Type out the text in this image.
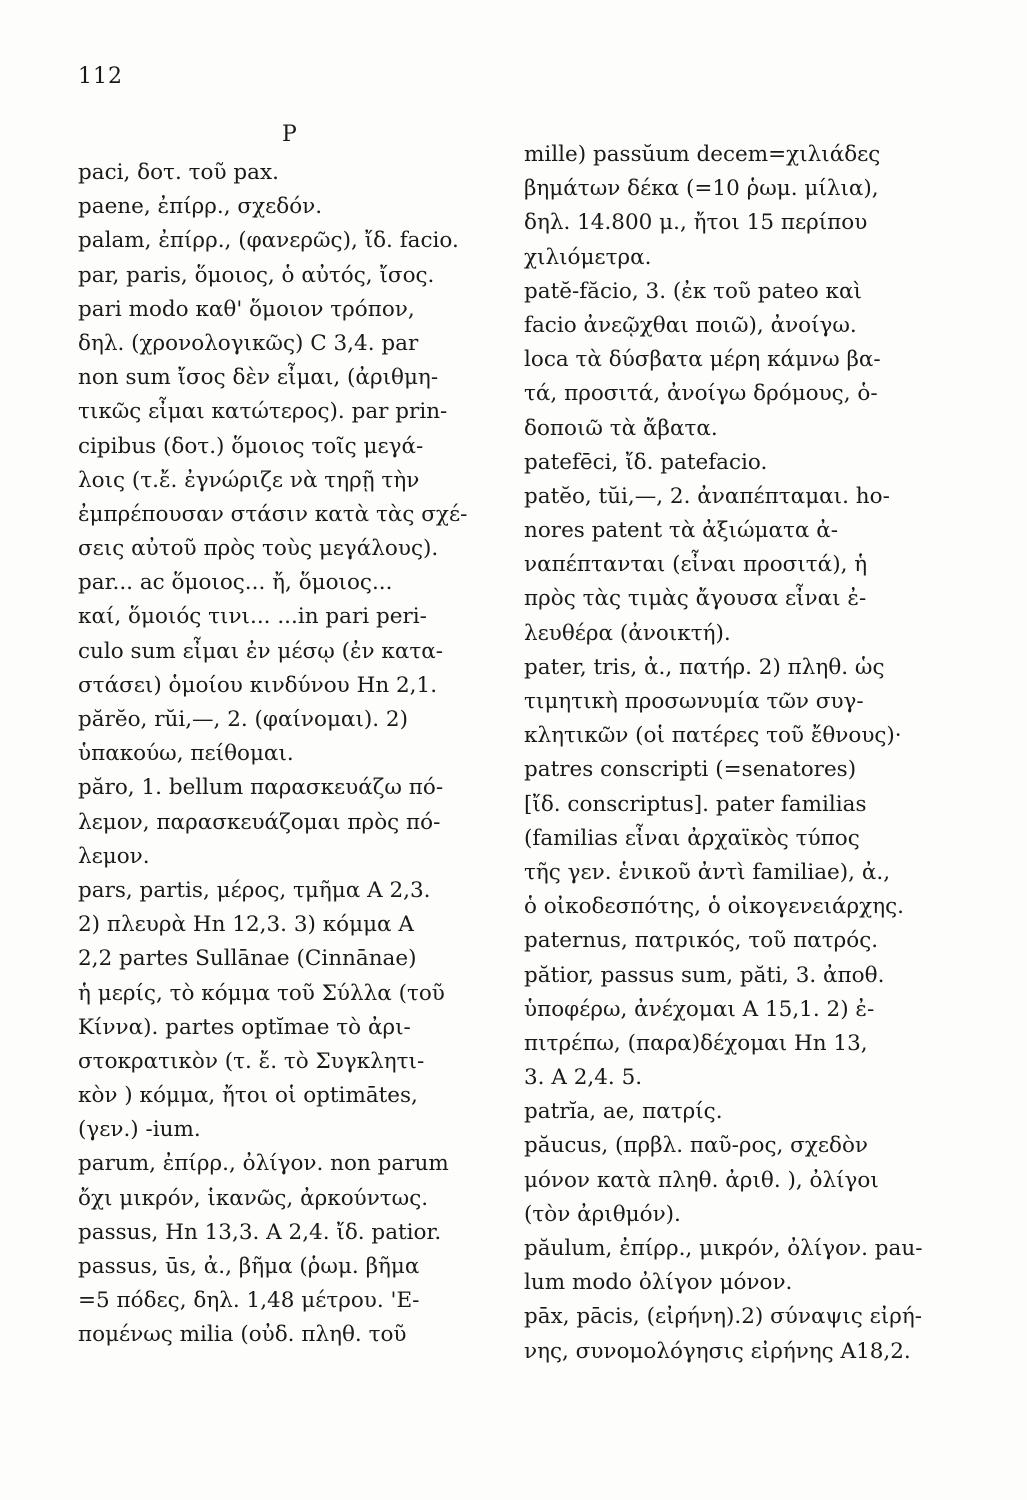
112
P
paci, δοτ. τοῦ pax.
paene, ἐπίρρ., σχεδόν.
palam, ἐπίρρ., (φανερῶς), ἴδ. facio.
par, paris, ὅμοιος, ὁ αὐτός, ἴσος.
pari modo καθ' ὅμοιον τρόπον,
δηλ. (χρονολογικῶς) C 3,4. par
non sum ἴσος δὲν εἶμαι, (ἀριθμη-
τικῶς εἶμαι κατώτερος). par prin-
cipibus (δοτ.) ὅμοιος τοῖς μεγά-
λοις (τ.ἔ. ἐγνώριζε νὰ τηρῇ τὴν
ἐμπρέπουσαν στάσιν κατὰ τὰς σχέ-
σεις αὐτοῦ πρὸς τοὺς μεγάλους).
par... ac ὅμοιος... ἤ, ὅμοιος...
καί, ὅμοιός τινι... ...in pari peri-
culo sum εἶμαι ἐν μέσῳ (ἐν κατα-
στάσει) ὁμοίου κινδύνου Hn 2,1.
părĕo, rŭi,—, 2. (φαίνομαι). 2)
ὑπακούω, πείθομαι.
păro, 1. bellum παρασκευάζω πό-
λεμον, παρασκευάζομαι πρὸς πό-
λεμον.
pars, partis, μέρος, τμῆμα A 2,3.
2) πλευρὰ Hn 12,3. 3) κόμμα A
2,2 partes Sullānae (Cinnānae)
ἡ μερίς, τὸ κόμμα τοῦ Σύλλα (τοῦ
Κίννα). partes optĭmae τὸ ἀρι-
στοκρατικὸν (τ. ἔ. τὸ Συγκλητι-
κὸν ) κόμμα, ἤτοι οἱ optimātes,
(γεν.) -ium.
parum, ἐπίρρ., ὀλίγον. non parum
ὄχι μικρόν, ἱκανῶς, ἀρκούντως.
passus, Hn 13,3. A 2,4. ἴδ. patior.
passus, ūs, ἀ., βῆμα (ῥωμ. βῆμα
=5 πόδες, δηλ. 1,48 μέτρου. 'Ε-
πομένως milia (οὐδ. πληθ. τοῦ
mille) passŭum decem=χιλιάδες
βημάτων δέκα (=10 ῥωμ. μίλια),
δηλ. 14.800 μ., ἤτοι 15 περίπου
χιλιόμετρα.
patĕ-făcio, 3. (ἐκ τοῦ pateo καὶ
facio ἀνεῷχθαι ποιῶ), ἀνοίγω.
loca τὰ δύσβατα μέρη κάμνω βα-
τά, προσιτά, ἀνοίγω δρόμους, ὁ-
δοποιῶ τὰ ἄβατα.
patefēci, ἴδ. patefacio.
patĕo, tŭi,—, 2. ἀναπέπταμαι. ho-
nores patent τὰ ἀξιώματα ἀ-
ναπέπτανται (εἶναι προσιτά), ἡ
πρὸς τὰς τιμὰς ἄγουσα εἶναι ἐ-
λευθέρα (ἀνοικτή).
pater, tris, ἀ., πατήρ. 2) πληθ. ὡς
τιμητικὴ προσωνυμία τῶν συγ-
κλητικῶν (οἱ πατέρες τοῦ ἔθνους)·
patres conscripti (=senatores)
[ἴδ. conscriptus]. pater familias
(familias εἶναι ἀρχαϊκὸς τύπος
τῆς γεν. ἑνικοῦ ἀντὶ familiae), ἀ.,
ὁ οἰκοδεσπότης, ὁ οἰκογενειάρχης.
paternus, πατρικός, τοῦ πατρός.
pătior, passus sum, păti, 3. ἀποθ.
ὑποφέρω, ἀνέχομαι A 15,1. 2) ἐ-
πιτρέπω, (παρα)δέχομαι Hn 13,
3. A 2,4. 5.
patrĭa, ae, πατρίς.
păucus, (πρβλ. παῦ-ρος, σχεδὸν
μόνον κατὰ πληθ. ἀριθ. ), ὀλίγοι
(τὸν ἀριθμόν).
păulum, ἐπίρρ., μικρόν, ὀλίγον. pau-
lum modo ὀλίγον μόνον.
pāx, pācis, (εἰρήνη).2) σύναψις εἰρή-
νης, συνομολόγησις εἰρήνης A18,2.
